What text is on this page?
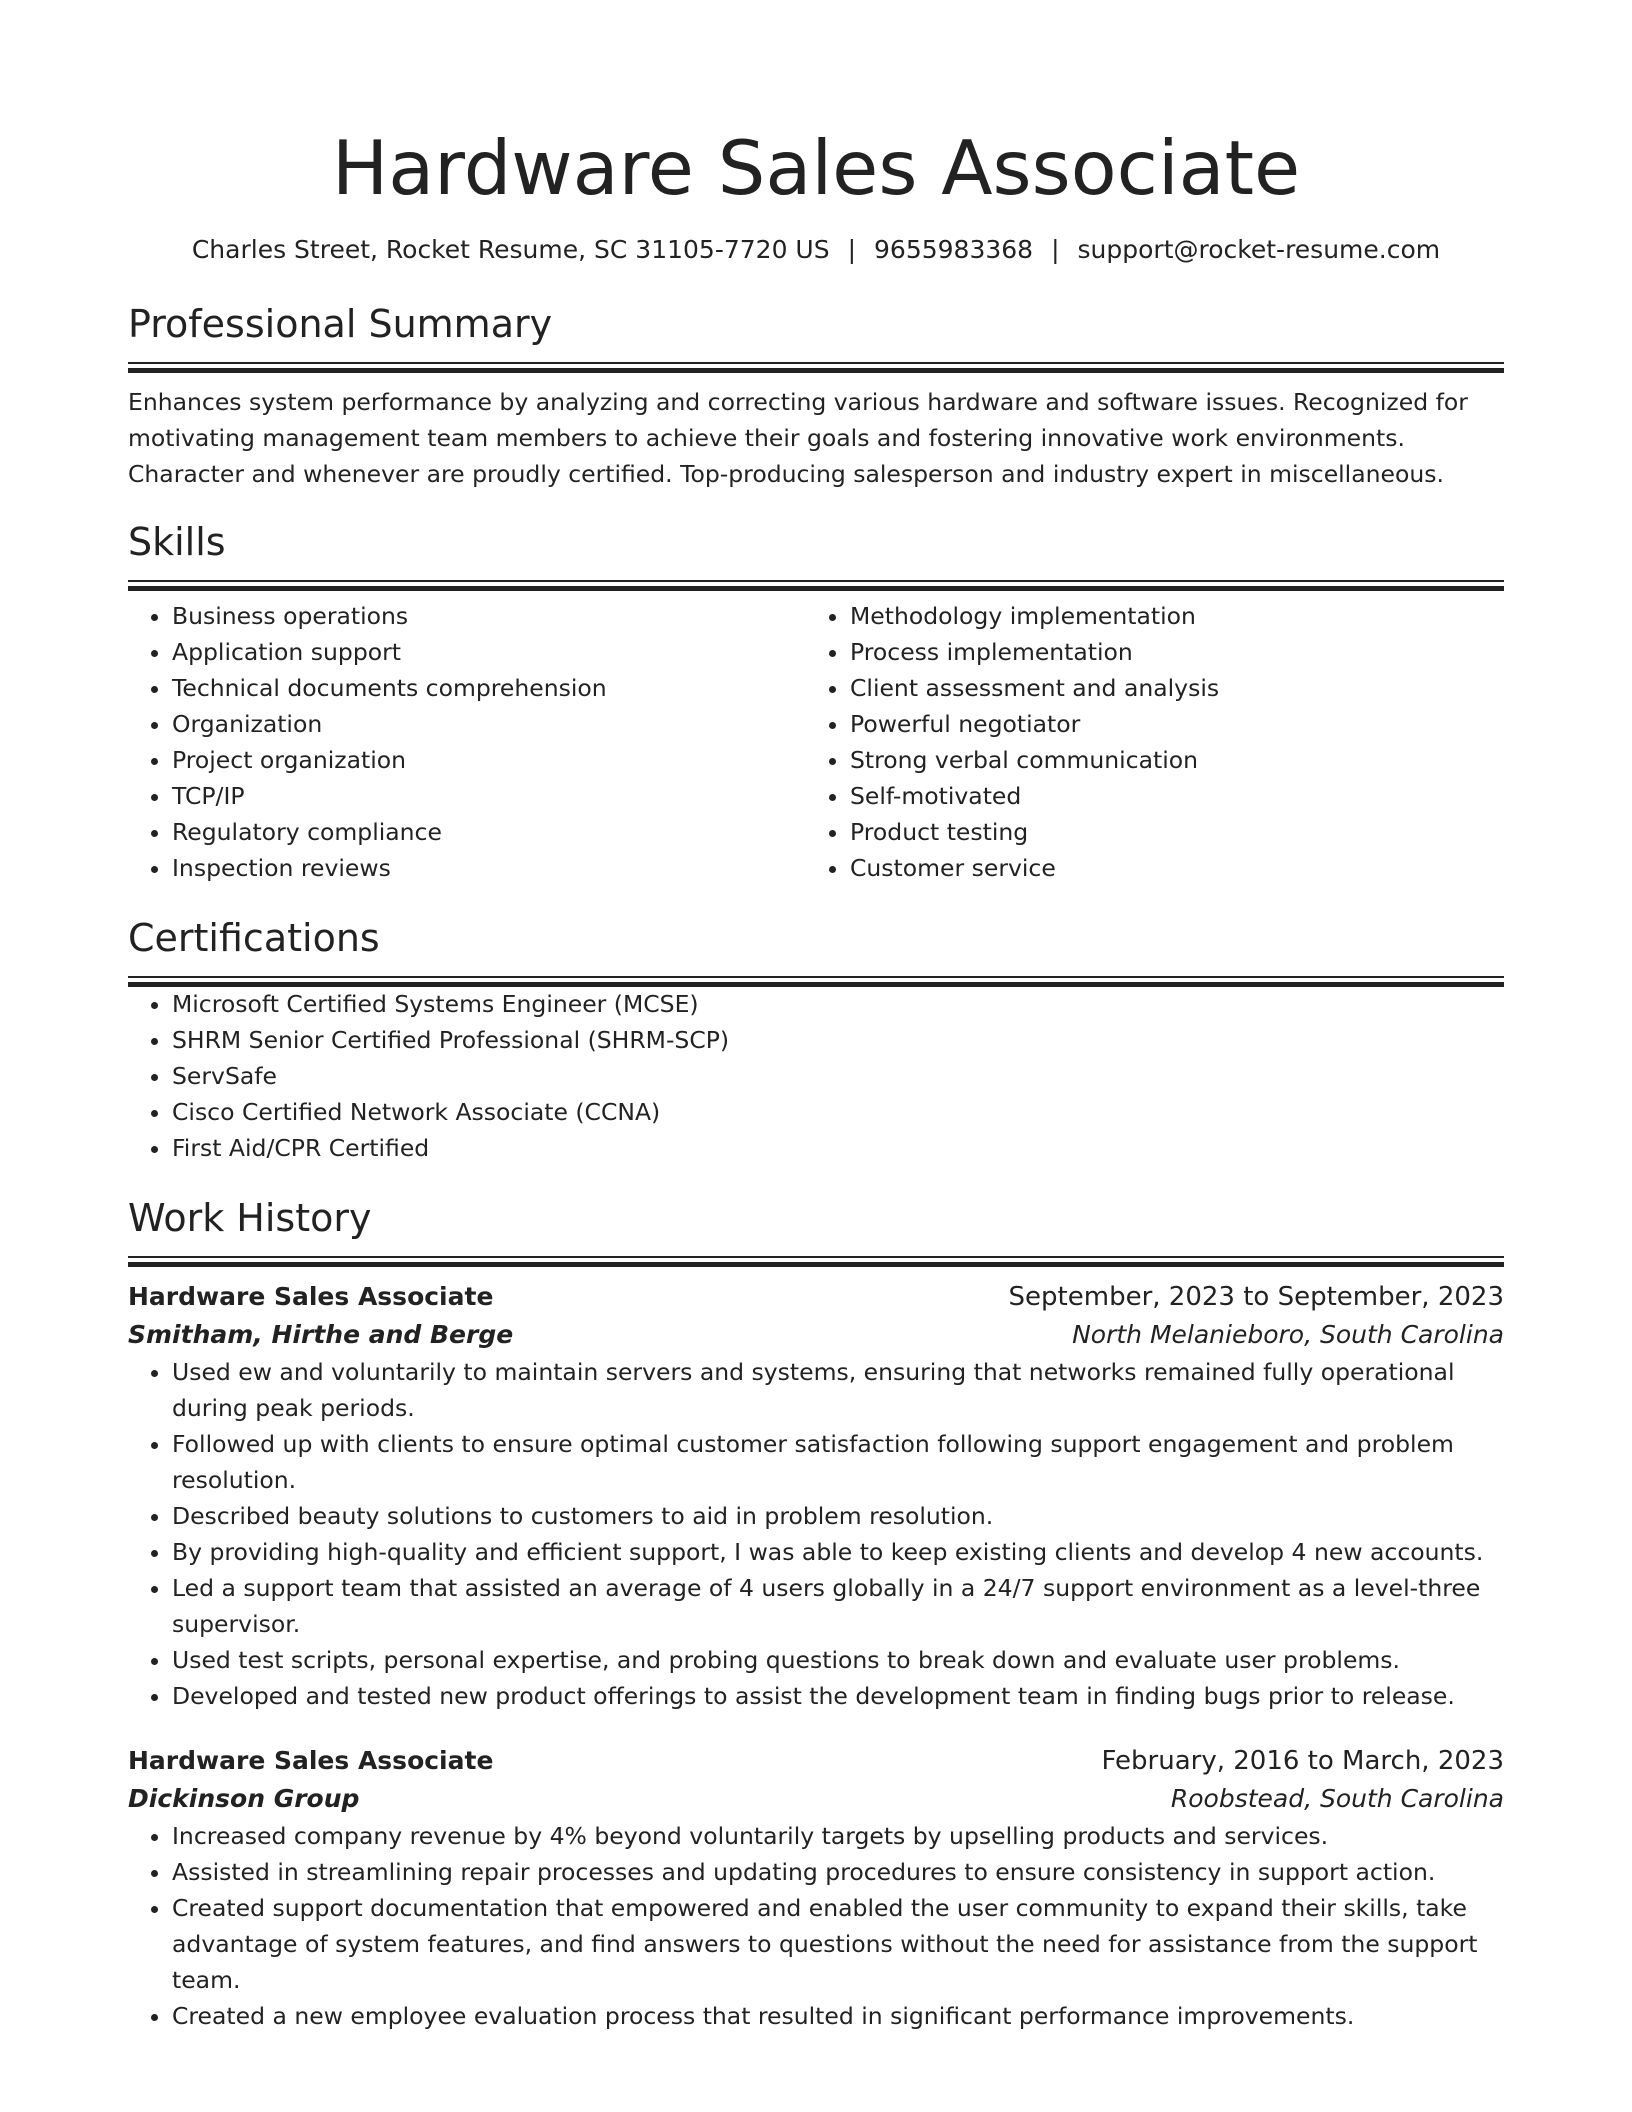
Hardware Sales Associate
Charles Street, Rocket Resume, SC 31105-7720 US | 9655983368 | support@rocket-resume.com
Professional Summary

Enhances system performance by analyzing and correcting various hardware and software issues. Recognized for motivating management team members to achieve their goals and fostering innovative work environments. Character and whenever are proudly certified. Top-producing salesperson and industry expert in miscellaneous.

Skills
• Business operations
• Application support
• Technical documents comprehension
• Organization
• Project organization
• TCP/IP
• Regulatory compliance
• Inspection reviews
• Methodology implementation
• Process implementation
• Client assessment and analysis
• Powerful negotiator
• Strong verbal communication
• Self-motivated
• Product testing
• Customer service
Certifications
• Microsoft Certified Systems Engineer (MCSE)
• SHRM Senior Certified Professional (SHRM-SCP)
• ServSafe
• Cisco Certified Network Associate (CCNA)
• First Aid/CPR Certified
Work History
Hardware Sales Associate	September, 2023 to September, 2023
Smitham, Hirthe and Berge	North Melanieboro, South Carolina
• Used ew and voluntarily to maintain servers and systems, ensuring that networks remained fully operational during peak periods.
• Followed up with clients to ensure optimal customer satisfaction following support engagement and problem resolution.
• Described beauty solutions to customers to aid in problem resolution.
• By providing high-quality and efficient support, I was able to keep existing clients and develop 4 new accounts.
• Led a support team that assisted an average of 4 users globally in a 24/7 support environment as a level-three supervisor.
• Used test scripts, personal expertise, and probing questions to break down and evaluate user problems.
• Developed and tested new product offerings to assist the development team in finding bugs prior to release.
Hardware Sales Associate	February, 2016 to March, 2023
Dickinson Group	Roobstead, South Carolina
• Increased company revenue by 4% beyond voluntarily targets by upselling products and services.
• Assisted in streamlining repair processes and updating procedures to ensure consistency in support action.
• Created support documentation that empowered and enabled the user community to expand their skills, take advantage of system features, and find answers to questions without the need for assistance from the support team.
• Created a new employee evaluation process that resulted in significant performance improvements.
